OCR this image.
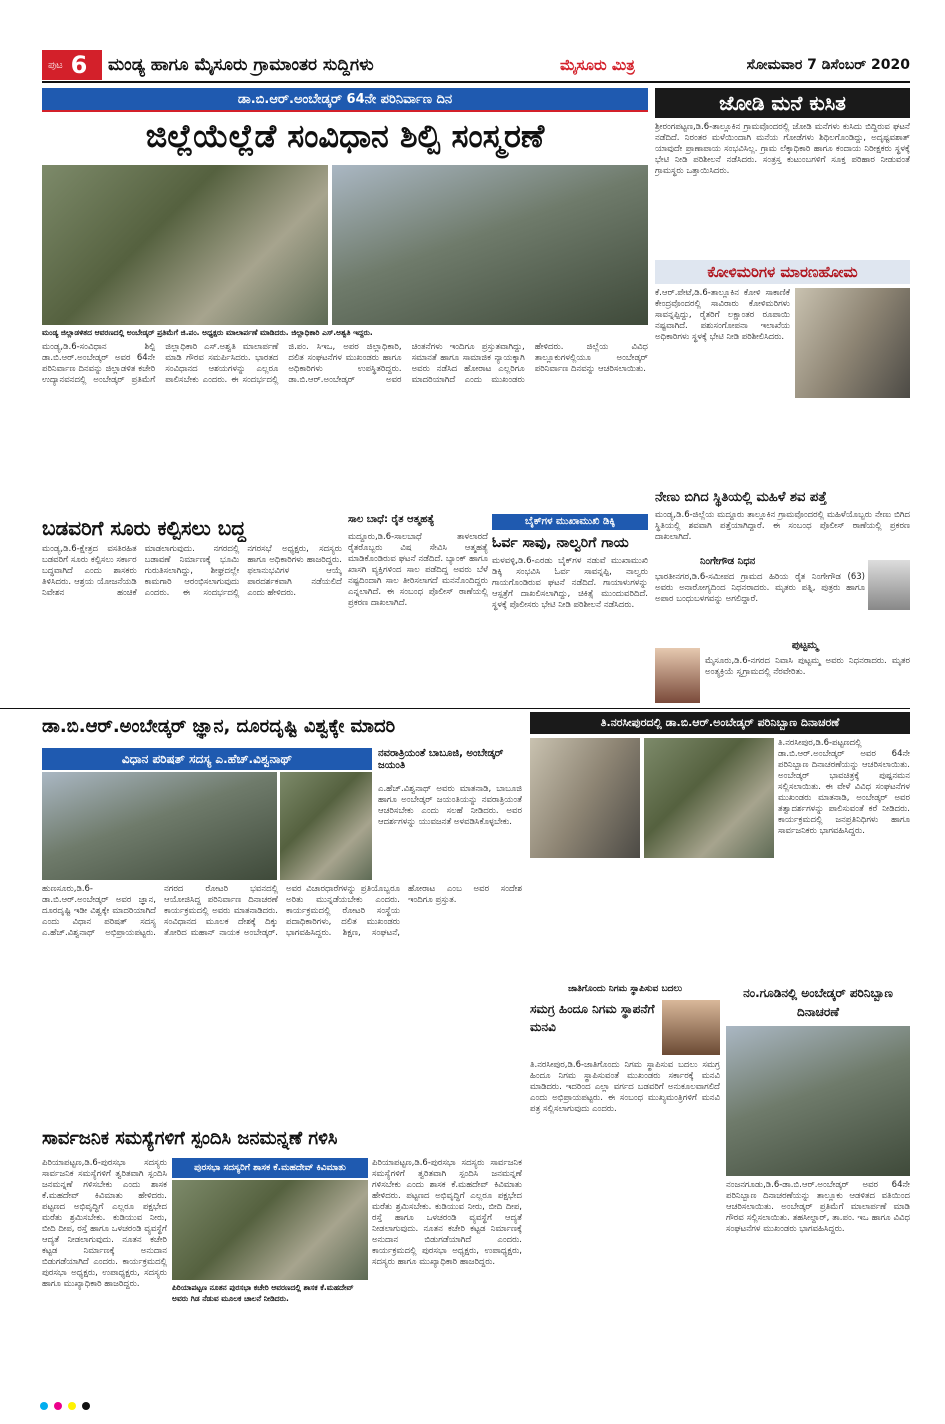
ಪುಟ 6 ಮಂಡ್ಯ ಹಾಗೂ ಮೈಸೂರು ಗ್ರಾಮಾಂತರ ಸುದ್ದಿಗಳು	ಮೈಸೂರು ಮಿತ್ರ	ಸೋಮವಾರ 7 ಡಿಸೆಂಬರ್ 2020
ಡಾ.ಬಿ.ಆರ್.ಅಂಬೇಡ್ಕರ್ 64ನೇ ಪರಿನಿರ್ವಾಣ ದಿನ
ಜಿಲ್ಲೆಯೆಲ್ಲೆಡೆ ಸಂವಿಧಾನ ಶಿಲ್ಪಿ ಸಂಸ್ಮರಣೆ
ಮಂಡ್ಯ ಜಿಲ್ಲಾಡಳಿತದ ಆವರಣದಲ್ಲಿ ಅಂಬೇಡ್ಕರ್ ಪ್ರತಿಮೆಗೆ ಜಿ.ಪಂ. ಅಧ್ಯಕ್ಷರು ಮಾಲಾರ್ಪಣೆ ಮಾಡಿದರು. ಜಿಲ್ಲಾಧಿಕಾರಿ ಎಸ್.ಅಶ್ವತಿ ಇದ್ದರು.
ಮಂಡ್ಯ,ಡಿ.6-ಸಂವಿಧಾನ ಶಿಲ್ಪಿ ಡಾ.ಬಿ.ಆರ್.ಅಂಬೇಡ್ಕರ್ ಅವರ 64ನೇ ಪರಿನಿರ್ವಾಣ ದಿನವನ್ನು ಜಿಲ್ಲಾಡಳಿತ ಕಚೇರಿ ಉದ್ಯಾನವನದಲ್ಲಿ ಅಂಬೇಡ್ಕರ್ ಪ್ರತಿಮೆಗೆ ಜಿಲ್ಲಾಧಿಕಾರಿ ಎಸ್.ಅಶ್ವತಿ ಮಾಲಾರ್ಪಣೆ ಮಾಡಿ ಗೌರವ ಸಮರ್ಪಿಸಿದರು. ಭಾರತದ ಸಂವಿಧಾನದ ಆಶಯಗಳನ್ನು ಎಲ್ಲರೂ ಪಾಲಿಸಬೇಕು ಎಂದರು. ಈ ಸಂದರ್ಭದಲ್ಲಿ ಜಿ.ಪಂ. ಸಿಇಒ, ಅಪರ ಜಿಲ್ಲಾಧಿಕಾರಿ, ದಲಿತ ಸಂಘಟನೆಗಳ ಮುಖಂಡರು ಹಾಗೂ ಅಧಿಕಾರಿಗಳು ಉಪಸ್ಥಿತರಿದ್ದರು. ಡಾ.ಬಿ.ಆರ್.ಅಂಬೇಡ್ಕರ್ ಅವರ ಚಿಂತನೆಗಳು ಇಂದಿಗೂ ಪ್ರಸ್ತುತವಾಗಿದ್ದು, ಸಮಾನತೆ ಹಾಗೂ ಸಾಮಾಜಿಕ ನ್ಯಾಯಕ್ಕಾಗಿ ಅವರು ನಡೆಸಿದ ಹೋರಾಟ ಎಲ್ಲರಿಗೂ ಮಾದರಿಯಾಗಿದೆ ಎಂದು ಮುಖಂಡರು ಹೇಳಿದರು. ಜಿಲ್ಲೆಯ ವಿವಿಧ ತಾಲ್ಲೂಕುಗಳಲ್ಲಿಯೂ ಅಂಬೇಡ್ಕರ್ ಪರಿನಿರ್ವಾಣ ದಿನವನ್ನು ಆಚರಿಸಲಾಯಿತು.
ಜೋಡಿ ಮನೆ ಕುಸಿತ
ಶ್ರೀರಂಗಪಟ್ಟಣ,ಡಿ.6-ತಾಲ್ಲೂಕಿನ ಗ್ರಾಮವೊಂದರಲ್ಲಿ ಜೋಡಿ ಮನೆಗಳು ಕುಸಿದು ಬಿದ್ದಿರುವ ಘಟನೆ ನಡೆದಿದೆ. ನಿರಂತರ ಮಳೆಯಿಂದಾಗಿ ಮನೆಯ ಗೋಡೆಗಳು ಶಿಥಿಲಗೊಂಡಿದ್ದು, ಅದೃಷ್ಟವಶಾತ್ ಯಾವುದೇ ಪ್ರಾಣಾಪಾಯ ಸಂಭವಿಸಿಲ್ಲ. ಗ್ರಾಮ ಲೆಕ್ಕಾಧಿಕಾರಿ ಹಾಗೂ ಕಂದಾಯ ನಿರೀಕ್ಷಕರು ಸ್ಥಳಕ್ಕೆ ಭೇಟಿ ನೀಡಿ ಪರಿಶೀಲನೆ ನಡೆಸಿದರು. ಸಂತ್ರಸ್ತ ಕುಟುಂಬಗಳಿಗೆ ಸೂಕ್ತ ಪರಿಹಾರ ನೀಡುವಂತೆ ಗ್ರಾಮಸ್ಥರು ಒತ್ತಾಯಿಸಿದರು.
ಕೋಳಿಮರಿಗಳ ಮಾರಣಹೋಮ
ಕೆ.ಆರ್.ಪೇಟೆ,ಡಿ.6-ತಾಲ್ಲೂಕಿನ ಕೋಳಿ ಸಾಕಾಣಿಕೆ ಕೇಂದ್ರವೊಂದರಲ್ಲಿ ಸಾವಿರಾರು ಕೋಳಿಮರಿಗಳು ಸಾವನ್ನಪ್ಪಿದ್ದು, ರೈತರಿಗೆ ಲಕ್ಷಾಂತರ ರೂಪಾಯಿ ನಷ್ಟವಾಗಿದೆ. ಪಶುಸಂಗೋಪನಾ ಇಲಾಖೆಯ ಅಧಿಕಾರಿಗಳು ಸ್ಥಳಕ್ಕೆ ಭೇಟಿ ನೀಡಿ ಪರಿಶೀಲಿಸಿದರು.
ನೇಣು ಬಿಗಿದ ಸ್ಥಿತಿಯಲ್ಲಿ ಮಹಿಳೆ ಶವ ಪತ್ತೆ
ಮಂಡ್ಯ,ಡಿ.6-ಜಿಲ್ಲೆಯ ಮದ್ದೂರು ತಾಲ್ಲೂಕಿನ ಗ್ರಾಮವೊಂದರಲ್ಲಿ ಮಹಿಳೆಯೊಬ್ಬರು ನೇಣು ಬಿಗಿದ ಸ್ಥಿತಿಯಲ್ಲಿ ಶವವಾಗಿ ಪತ್ತೆಯಾಗಿದ್ದಾರೆ. ಈ ಸಂಬಂಧ ಪೊಲೀಸ್ ಠಾಣೆಯಲ್ಲಿ ಪ್ರಕರಣ ದಾಖಲಾಗಿದೆ.
ನಿಂಗೇಗೌಡ ನಿಧನ
ಭಾರತೀನಗರ,ಡಿ.6-ಸಮೀಪದ ಗ್ರಾಮದ ಹಿರಿಯ ರೈತ ನಿಂಗೇಗೌಡ (63) ಅವರು ಅನಾರೋಗ್ಯದಿಂದ ನಿಧನರಾದರು. ಮೃತರು ಪತ್ನಿ, ಪುತ್ರರು ಹಾಗೂ ಅಪಾರ ಬಂಧುಬಳಗವನ್ನು ಅಗಲಿದ್ದಾರೆ.
ಪುಟ್ಟಮ್ಮ
ಮೈಸೂರು,ಡಿ.6-ನಗರದ ನಿವಾಸಿ ಪುಟ್ಟಮ್ಮ ಅವರು ನಿಧನರಾದರು. ಮೃತರ ಅಂತ್ಯಕ್ರಿಯೆ ಸ್ವಗ್ರಾಮದಲ್ಲಿ ನೆರವೇರಿತು.
ಬಡವರಿಗೆ ಸೂರು ಕಲ್ಪಿಸಲು ಬದ್ಧ
ಮಂಡ್ಯ,ಡಿ.6-ಕ್ಷೇತ್ರದ ವಸತಿರಹಿತ ಬಡವರಿಗೆ ಸೂರು ಕಲ್ಪಿಸಲು ಸರ್ಕಾರ ಬದ್ಧವಾಗಿದೆ ಎಂದು ಶಾಸಕರು ತಿಳಿಸಿದರು. ಆಶ್ರಯ ಯೋಜನೆಯಡಿ ನಿವೇಶನ ಹಂಚಿಕೆ ಮಾಡಲಾಗುವುದು. ನಗರದಲ್ಲಿ ಬಡಾವಣೆ ನಿರ್ಮಾಣಕ್ಕೆ ಭೂಮಿ ಗುರುತಿಸಲಾಗಿದ್ದು, ಶೀಘ್ರದಲ್ಲೇ ಕಾಮಗಾರಿ ಆರಂಭಿಸಲಾಗುವುದು ಎಂದರು. ಈ ಸಂದರ್ಭದಲ್ಲಿ ನಗರಸಭೆ ಅಧ್ಯಕ್ಷರು, ಸದಸ್ಯರು ಹಾಗೂ ಅಧಿಕಾರಿಗಳು ಹಾಜರಿದ್ದರು. ಫಲಾನುಭವಿಗಳ ಆಯ್ಕೆ ಪಾರದರ್ಶಕವಾಗಿ ನಡೆಯಲಿದೆ ಎಂದು ಹೇಳಿದರು.
ಸಾಲ ಬಾಧೆ: ರೈತ ಆತ್ಮಹತ್ಯೆ
ಮದ್ದೂರು,ಡಿ.6-ಸಾಲಬಾಧೆ ತಾಳಲಾರದೆ ರೈತರೊಬ್ಬರು ವಿಷ ಸೇವಿಸಿ ಆತ್ಮಹತ್ಯೆ ಮಾಡಿಕೊಂಡಿರುವ ಘಟನೆ ನಡೆದಿದೆ. ಬ್ಯಾಂಕ್ ಹಾಗೂ ಖಾಸಗಿ ವ್ಯಕ್ತಿಗಳಿಂದ ಸಾಲ ಪಡೆದಿದ್ದ ಅವರು ಬೆಳೆ ನಷ್ಟದಿಂದಾಗಿ ಸಾಲ ತೀರಿಸಲಾಗದೆ ಮನನೊಂದಿದ್ದರು ಎನ್ನಲಾಗಿದೆ. ಈ ಸಂಬಂಧ ಪೊಲೀಸ್ ಠಾಣೆಯಲ್ಲಿ ಪ್ರಕರಣ ದಾಖಲಾಗಿದೆ.
ಬೈಕ್‌ಗಳ ಮುಖಾಮುಖಿ ಡಿಕ್ಕಿ
ಓರ್ವ ಸಾವು, ನಾಲ್ವರಿಗೆ ಗಾಯ
ಮಳವಳ್ಳಿ,ಡಿ.6-ಎರಡು ಬೈಕ್‌ಗಳ ನಡುವೆ ಮುಖಾಮುಖಿ ಡಿಕ್ಕಿ ಸಂಭವಿಸಿ ಓರ್ವ ಸಾವನ್ನಪ್ಪಿ, ನಾಲ್ವರು ಗಾಯಗೊಂಡಿರುವ ಘಟನೆ ನಡೆದಿದೆ. ಗಾಯಾಳುಗಳನ್ನು ಆಸ್ಪತ್ರೆಗೆ ದಾಖಲಿಸಲಾಗಿದ್ದು, ಚಿಕಿತ್ಸೆ ಮುಂದುವರಿದಿದೆ. ಸ್ಥಳಕ್ಕೆ ಪೊಲೀಸರು ಭೇಟಿ ನೀಡಿ ಪರಿಶೀಲನೆ ನಡೆಸಿದರು.
ಡಾ.ಬಿ.ಆರ್.ಅಂಬೇಡ್ಕರ್ ಜ್ಞಾನ, ದೂರದೃಷ್ಟಿ ವಿಶ್ವಕ್ಕೇ ಮಾದರಿ
ವಿಧಾನ ಪರಿಷತ್ ಸದಸ್ಯ ಎ.ಹೆಚ್.ವಿಶ್ವನಾಥ್	ನವರಾತ್ರಿಯಂತೆ ಬಾಬೂಜಿ, ಅಂಬೇಡ್ಕರ್ ಜಯಂತಿ
ಎ.ಹೆಚ್.ವಿಶ್ವನಾಥ್ ಅವರು ಮಾತನಾಡಿ, ಬಾಬೂಜಿ ಹಾಗೂ ಅಂಬೇಡ್ಕರ್ ಜಯಂತಿಯನ್ನು ನವರಾತ್ರಿಯಂತೆ ಆಚರಿಸಬೇಕು ಎಂದು ಸಲಹೆ ನೀಡಿದರು. ಅವರ ಆದರ್ಶಗಳನ್ನು ಯುವಜನತೆ ಅಳವಡಿಸಿಕೊಳ್ಳಬೇಕು.
ಹುಣಸೂರು,ಡಿ.6-ಡಾ.ಬಿ.ಆರ್.ಅಂಬೇಡ್ಕರ್ ಅವರ ಜ್ಞಾನ, ದೂರದೃಷ್ಟಿ ಇಡೀ ವಿಶ್ವಕ್ಕೇ ಮಾದರಿಯಾಗಿದೆ ಎಂದು ವಿಧಾನ ಪರಿಷತ್ ಸದಸ್ಯ ಎ.ಹೆಚ್.ವಿಶ್ವನಾಥ್ ಅಭಿಪ್ರಾಯಪಟ್ಟರು. ನಗರದ ರೋಟರಿ ಭವನದಲ್ಲಿ ಆಯೋಜಿಸಿದ್ದ ಪರಿನಿರ್ವಾಣ ದಿನಾಚರಣೆ ಕಾರ್ಯಕ್ರಮದಲ್ಲಿ ಅವರು ಮಾತನಾಡಿದರು. ಸಂವಿಧಾನದ ಮೂಲಕ ದೇಶಕ್ಕೆ ದಿಕ್ಕು ತೋರಿದ ಮಹಾನ್ ನಾಯಕ ಅಂಬೇಡ್ಕರ್. ಅವರ ವಿಚಾರಧಾರೆಗಳನ್ನು ಪ್ರತಿಯೊಬ್ಬರೂ ಅರಿತು ಮುನ್ನಡೆಯಬೇಕು ಎಂದರು. ಕಾರ್ಯಕ್ರಮದಲ್ಲಿ ರೋಟರಿ ಸಂಸ್ಥೆಯ ಪದಾಧಿಕಾರಿಗಳು, ದಲಿತ ಮುಖಂಡರು ಭಾಗವಹಿಸಿದ್ದರು. ಶಿಕ್ಷಣ, ಸಂಘಟನೆ, ಹೋರಾಟ ಎಂಬ ಅವರ ಸಂದೇಶ ಇಂದಿಗೂ ಪ್ರಸ್ತುತ.
ತಿ.ನರಸೀಪುರದಲ್ಲಿ ಡಾ.ಬಿ.ಆರ್.ಅಂಬೇಡ್ಕರ್ ಪರಿನಿಬ್ಬಾಣ ದಿನಾಚರಣೆ
ತಿ.ನರಸೀಪುರ,ಡಿ.6-ಪಟ್ಟಣದಲ್ಲಿ ಡಾ.ಬಿ.ಆರ್.ಅಂಬೇಡ್ಕರ್ ಅವರ 64ನೇ ಪರಿನಿಬ್ಬಾಣ ದಿನಾಚರಣೆಯನ್ನು ಆಚರಿಸಲಾಯಿತು. ಅಂಬೇಡ್ಕರ್ ಭಾವಚಿತ್ರಕ್ಕೆ ಪುಷ್ಪನಮನ ಸಲ್ಲಿಸಲಾಯಿತು. ಈ ವೇಳೆ ವಿವಿಧ ಸಂಘಟನೆಗಳ ಮುಖಂಡರು ಮಾತನಾಡಿ, ಅಂಬೇಡ್ಕರ್ ಅವರ ತತ್ವಾದರ್ಶಗಳನ್ನು ಪಾಲಿಸುವಂತೆ ಕರೆ ನೀಡಿದರು. ಕಾರ್ಯಕ್ರಮದಲ್ಲಿ ಜನಪ್ರತಿನಿಧಿಗಳು ಹಾಗೂ ಸಾರ್ವಜನಿಕರು ಭಾಗವಹಿಸಿದ್ದರು.
ಜಾತಿಗೊಂದು ನಿಗಮ ಸ್ಥಾಪಿಸುವ ಬದಲು
ಸಮಗ್ರ ಹಿಂದೂ ನಿಗಮ ಸ್ಥಾಪನೆಗೆ ಮನವಿ
ತಿ.ನರಸೀಪುರ,ಡಿ.6-ಜಾತಿಗೊಂದು ನಿಗಮ ಸ್ಥಾಪಿಸುವ ಬದಲು ಸಮಗ್ರ ಹಿಂದೂ ನಿಗಮ ಸ್ಥಾಪಿಸುವಂತೆ ಮುಖಂಡರು ಸರ್ಕಾರಕ್ಕೆ ಮನವಿ ಮಾಡಿದರು. ಇದರಿಂದ ಎಲ್ಲಾ ವರ್ಗದ ಬಡವರಿಗೆ ಅನುಕೂಲವಾಗಲಿದೆ ಎಂದು ಅಭಿಪ್ರಾಯಪಟ್ಟರು. ಈ ಸಂಬಂಧ ಮುಖ್ಯಮಂತ್ರಿಗಳಿಗೆ ಮನವಿ ಪತ್ರ ಸಲ್ಲಿಸಲಾಗುವುದು ಎಂದರು.
ನಂ.ಗೂಡಿನಲ್ಲಿ ಅಂಬೇಡ್ಕರ್ ಪರಿನಿಬ್ಬಾಣ ದಿನಾಚರಣೆ
ನಂಜನಗೂಡು,ಡಿ.6-ಡಾ.ಬಿ.ಆರ್.ಅಂಬೇಡ್ಕರ್ ಅವರ 64ನೇ ಪರಿನಿಬ್ಬಾಣ ದಿನಾಚರಣೆಯನ್ನು ತಾಲ್ಲೂಕು ಆಡಳಿತದ ವತಿಯಿಂದ ಆಚರಿಸಲಾಯಿತು. ಅಂಬೇಡ್ಕರ್ ಪ್ರತಿಮೆಗೆ ಮಾಲಾರ್ಪಣೆ ಮಾಡಿ ಗೌರವ ಸಲ್ಲಿಸಲಾಯಿತು. ತಹಸೀಲ್ದಾರ್, ತಾ.ಪಂ. ಇಒ ಹಾಗೂ ವಿವಿಧ ಸಂಘಟನೆಗಳ ಮುಖಂಡರು ಭಾಗವಹಿಸಿದ್ದರು.
ಸಾರ್ವಜನಿಕ ಸಮಸ್ಯೆಗಳಿಗೆ ಸ್ಪಂದಿಸಿ ಜನಮನ್ನಣೆ ಗಳಿಸಿ
ಪಿರಿಯಾಪಟ್ಟಣ,ಡಿ.6-ಪುರಸಭಾ ಸದಸ್ಯರು ಸಾರ್ವಜನಿಕ ಸಮಸ್ಯೆಗಳಿಗೆ ತ್ವರಿತವಾಗಿ ಸ್ಪಂದಿಸಿ ಜನಮನ್ನಣೆ ಗಳಿಸಬೇಕು ಎಂದು ಶಾಸಕ ಕೆ.ಮಹದೇವ್ ಕಿವಿಮಾತು ಹೇಳಿದರು. ಪಟ್ಟಣದ ಅಭಿವೃದ್ಧಿಗೆ ಎಲ್ಲರೂ ಪಕ್ಷಭೇದ ಮರೆತು ಶ್ರಮಿಸಬೇಕು. ಕುಡಿಯುವ ನೀರು, ಬೀದಿ ದೀಪ, ರಸ್ತೆ ಹಾಗೂ ಒಳಚರಂಡಿ ವ್ಯವಸ್ಥೆಗೆ ಆದ್ಯತೆ ನೀಡಲಾಗುವುದು. ನೂತನ ಕಚೇರಿ ಕಟ್ಟಡ ನಿರ್ಮಾಣಕ್ಕೆ ಅನುದಾನ ಬಿಡುಗಡೆಯಾಗಿದೆ ಎಂದರು. ಕಾರ್ಯಕ್ರಮದಲ್ಲಿ ಪುರಸಭಾ ಅಧ್ಯಕ್ಷರು, ಉಪಾಧ್ಯಕ್ಷರು, ಸದಸ್ಯರು ಹಾಗೂ ಮುಖ್ಯಾಧಿಕಾರಿ ಹಾಜರಿದ್ದರು.
ಪುರಸಭಾ ಸದಸ್ಯರಿಗೆ ಶಾಸಕ ಕೆ.ಮಹದೇವ್ ಕಿವಿಮಾತು
ಪಿರಿಯಾಪಟ್ಟಣ ನೂತನ ಪುರಸಭಾ ಕಚೇರಿ ಆವರಣದಲ್ಲಿ ಶಾಸಕ ಕೆ.ಮಹದೇವ್ ಅವರು ಗಿಡ ನೆಡುವ ಮೂಲಕ ಚಾಲನೆ ನೀಡಿದರು.
ಪಿರಿಯಾಪಟ್ಟಣ,ಡಿ.6-ಪುರಸಭಾ ಸದಸ್ಯರು ಸಾರ್ವಜನಿಕ ಸಮಸ್ಯೆಗಳಿಗೆ ತ್ವರಿತವಾಗಿ ಸ್ಪಂದಿಸಿ ಜನಮನ್ನಣೆ ಗಳಿಸಬೇಕು ಎಂದು ಶಾಸಕ ಕೆ.ಮಹದೇವ್ ಕಿವಿಮಾತು ಹೇಳಿದರು. ಪಟ್ಟಣದ ಅಭಿವೃದ್ಧಿಗೆ ಎಲ್ಲರೂ ಪಕ್ಷಭೇದ ಮರೆತು ಶ್ರಮಿಸಬೇಕು. ಕುಡಿಯುವ ನೀರು, ಬೀದಿ ದೀಪ, ರಸ್ತೆ ಹಾಗೂ ಒಳಚರಂಡಿ ವ್ಯವಸ್ಥೆಗೆ ಆದ್ಯತೆ ನೀಡಲಾಗುವುದು. ನೂತನ ಕಚೇರಿ ಕಟ್ಟಡ ನಿರ್ಮಾಣಕ್ಕೆ ಅನುದಾನ ಬಿಡುಗಡೆಯಾಗಿದೆ ಎಂದರು. ಕಾರ್ಯಕ್ರಮದಲ್ಲಿ ಪುರಸಭಾ ಅಧ್ಯಕ್ಷರು, ಉಪಾಧ್ಯಕ್ಷರು, ಸದಸ್ಯರು ಹಾಗೂ ಮುಖ್ಯಾಧಿಕಾರಿ ಹಾಜರಿದ್ದರು.
